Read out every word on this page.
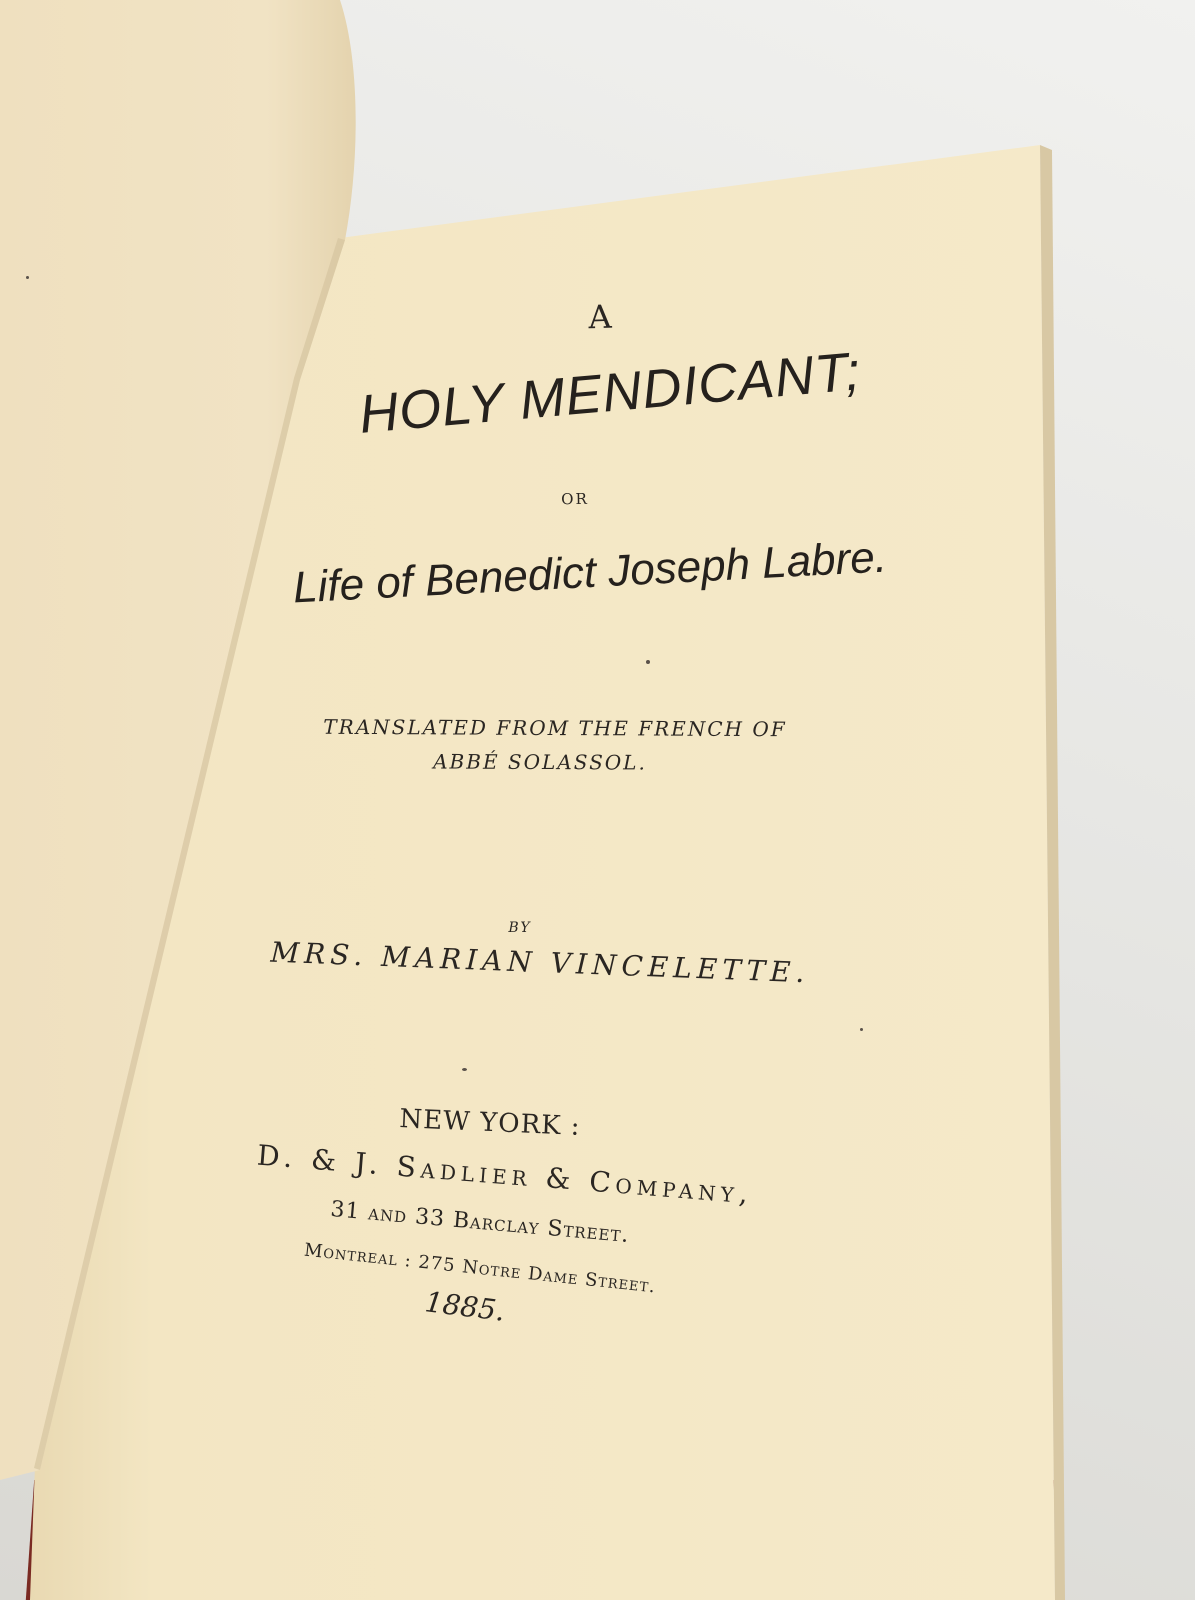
A
HOLY MENDICANT;
OR
Life of Benedict Joseph Labre.
TRANSLATED FROM THE FRENCH OF
ABBÉ SOLASSOL.
BY
MRS. MARIAN VINCELETTE.
NEW YORK :
D. & J. Sadlier & Company,
31 and 33 Barclay Street.
Montreal : 275 Notre Dame Street.
1885.
